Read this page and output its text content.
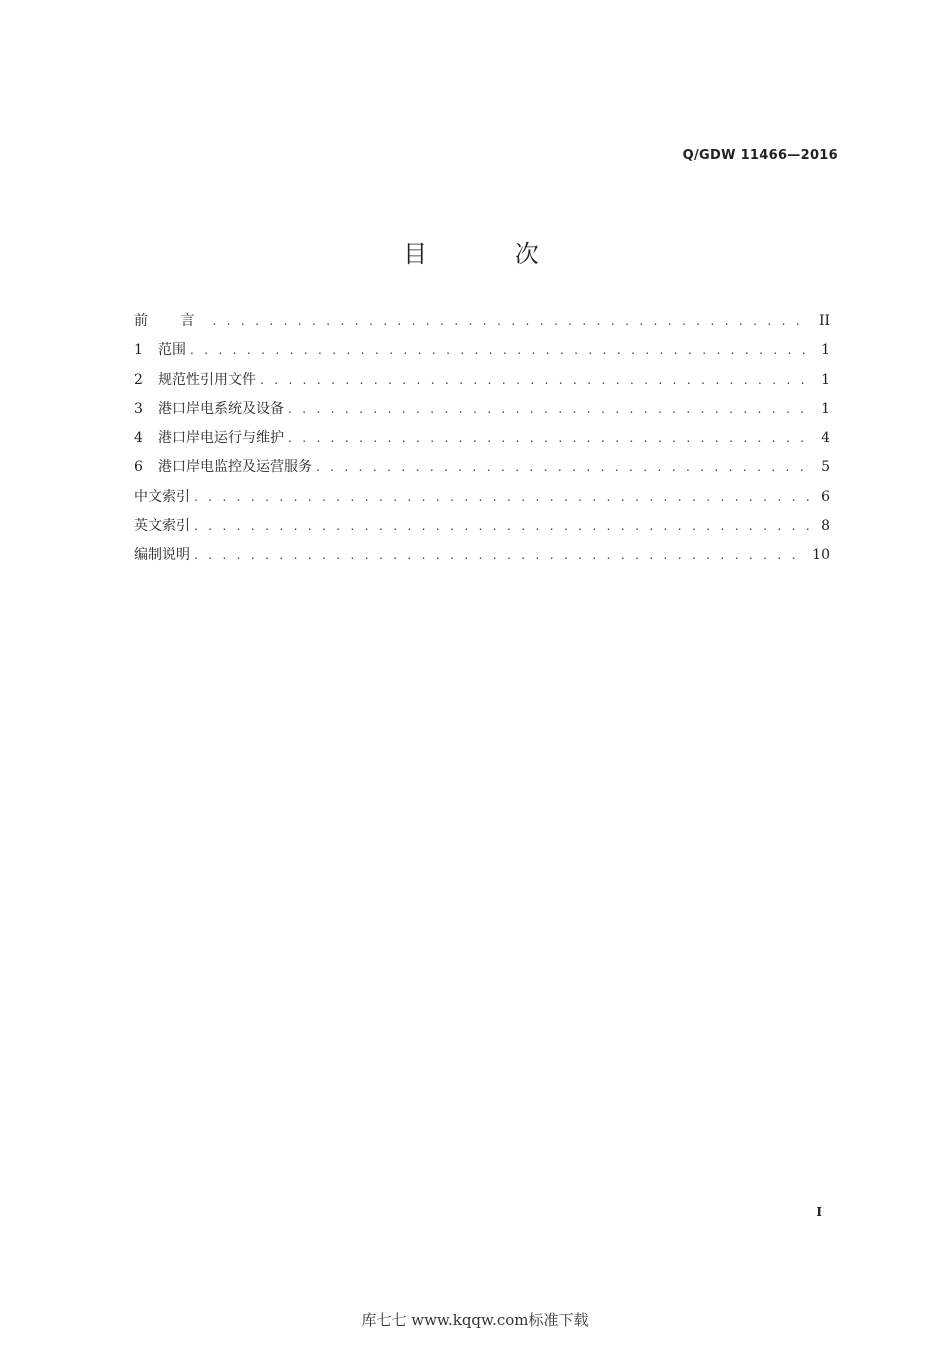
Q/GDW 11466—2016
目 次
前 言 . . .	II
1	范围 . . .	1
2	规范性引用文件 . . .	1
3	港口岸电系统及设备 . . .	1
4	港口岸电运行与维护 . . .	4
6	港口岸电监控及运营服务 . . .	5
中文索引 . . .	6
英文索引 . . .	8
编制说明 . . .	10
I
库七七 www.kqqw.com标准下载
